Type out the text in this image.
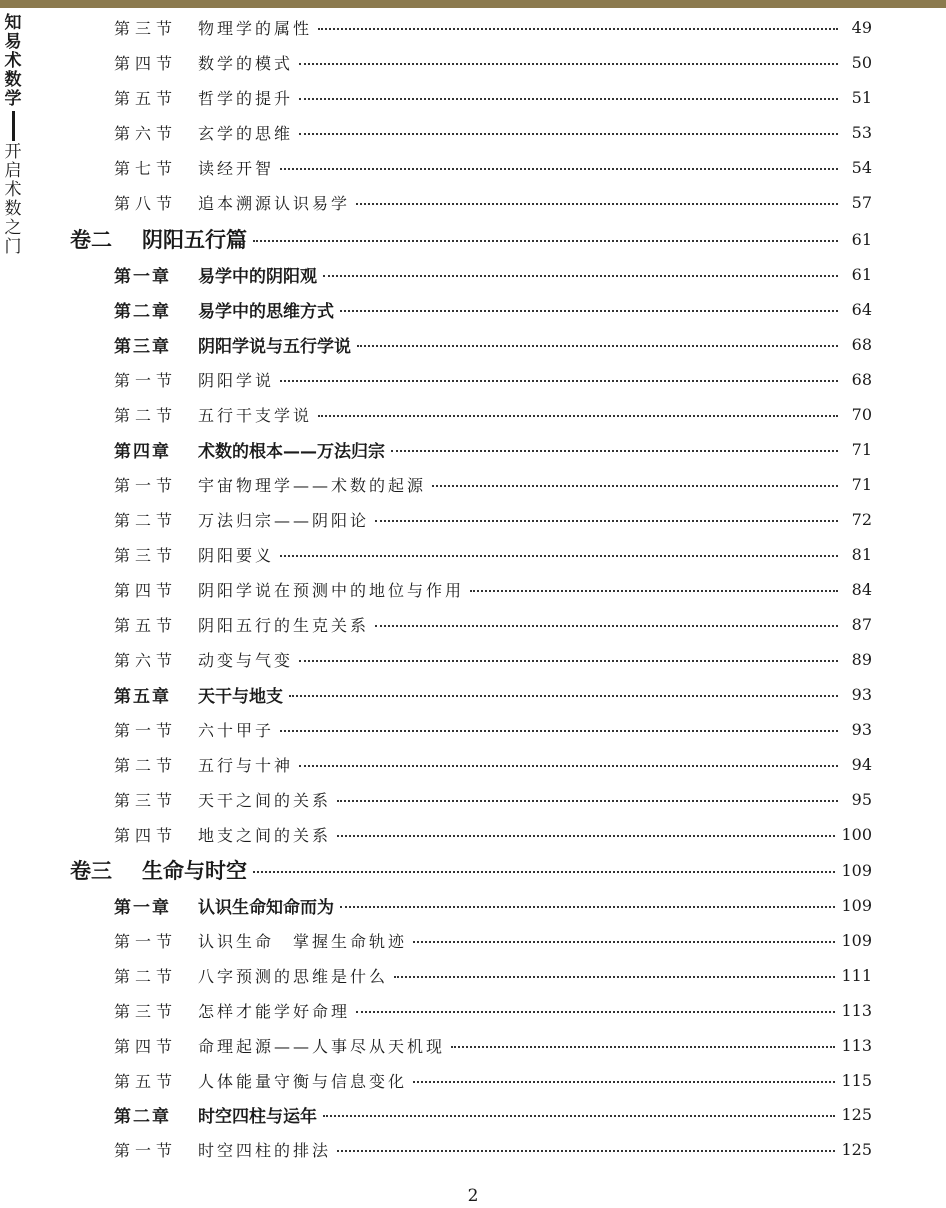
知
易
术
数
学
开
启
术
数
之
门
第三节	物理学的属性	49
第四节	数学的模式	50
第五节	哲学的提升	51
第六节	玄学的思维	53
第七节	读经开智	54
第八节	追本溯源认识易学	57
卷二	阴阳五行篇	61
第一章	易学中的阴阳观	61
第二章	易学中的思维方式	64
第三章	阴阳学说与五行学说	68
第一节	阴阳学说	68
第二节	五行干支学说	70
第四章	术数的根本——万法归宗	71
第一节	宇宙物理学——术数的起源	71
第二节	万法归宗——阴阳论	72
第三节	阴阳要义	81
第四节	阴阳学说在预测中的地位与作用	84
第五节	阴阳五行的生克关系	87
第六节	动变与气变	89
第五章	天干与地支	93
第一节	六十甲子	93
第二节	五行与十神	94
第三节	天干之间的关系	95
第四节	地支之间的关系	100
卷三	生命与时空	109
第一章	认识生命知命而为	109
第一节	认识生命　掌握生命轨迹	109
第二节	八字预测的思维是什么	111
第三节	怎样才能学好命理	113
第四节	命理起源——人事尽从天机现	113
第五节	人体能量守衡与信息变化	115
第二章	时空四柱与运年	125
第一节	时空四柱的排法	125
2
